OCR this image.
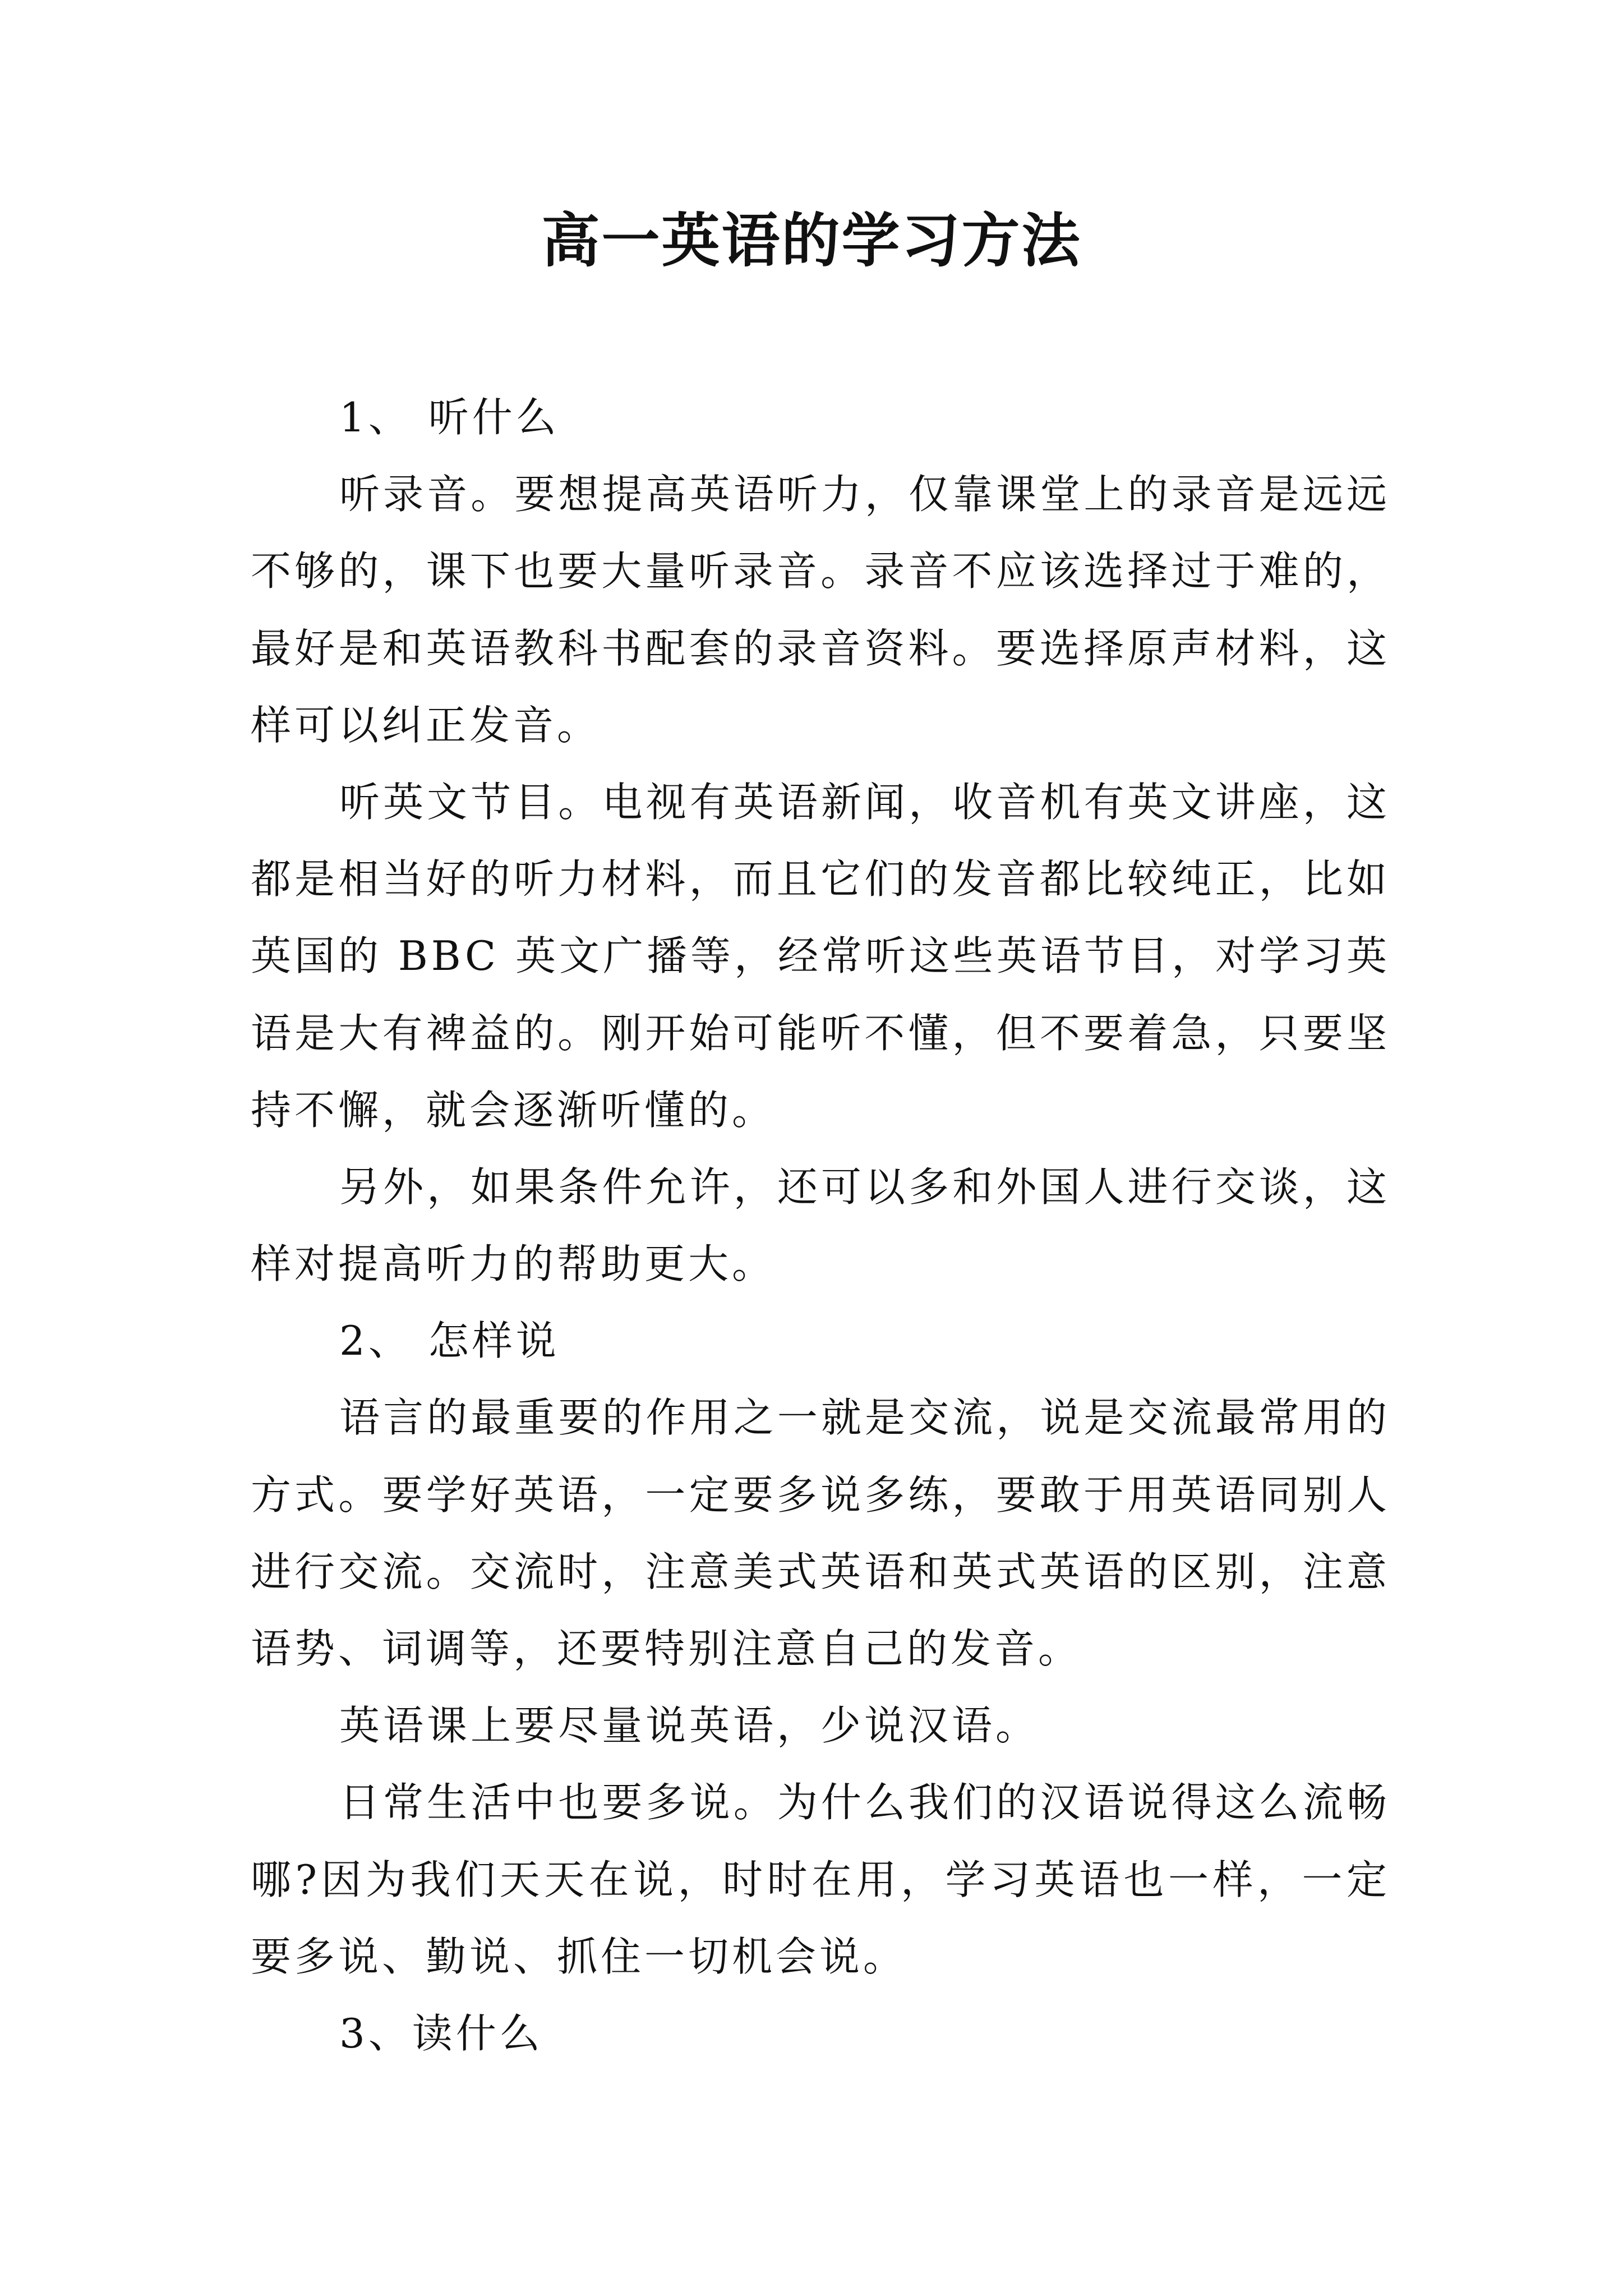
高一英语的学习方法
1、 听什么
听录音。要想提高英语听力，仅靠课堂上的录音是远远
不够的，课下也要大量听录音。录音不应该选择过于难的，
最好是和英语教科书配套的录音资料。要选择原声材料，这
样可以纠正发音。
听英文节目。电视有英语新闻，收音机有英文讲座，这
都是相当好的听力材料，而且它们的发音都比较纯正，比如
英国的 BBC 英文广播等，经常听这些英语节目，对学习英
语是大有裨益的。刚开始可能听不懂，但不要着急，只要坚
持不懈，就会逐渐听懂的。
另外，如果条件允许，还可以多和外国人进行交谈，这
样对提高听力的帮助更大。
2、 怎样说
语言的最重要的作用之一就是交流，说是交流最常用的
方式。要学好英语，一定要多说多练，要敢于用英语同别人
进行交流。交流时，注意美式英语和英式英语的区别，注意
语势、词调等，还要特别注意自己的发音。
英语课上要尽量说英语，少说汉语。
日常生活中也要多说。为什么我们的汉语说得这么流畅
哪?因为我们天天在说，时时在用，学习英语也一样，一定
要多说、勤说、抓住一切机会说。
3、读什么
